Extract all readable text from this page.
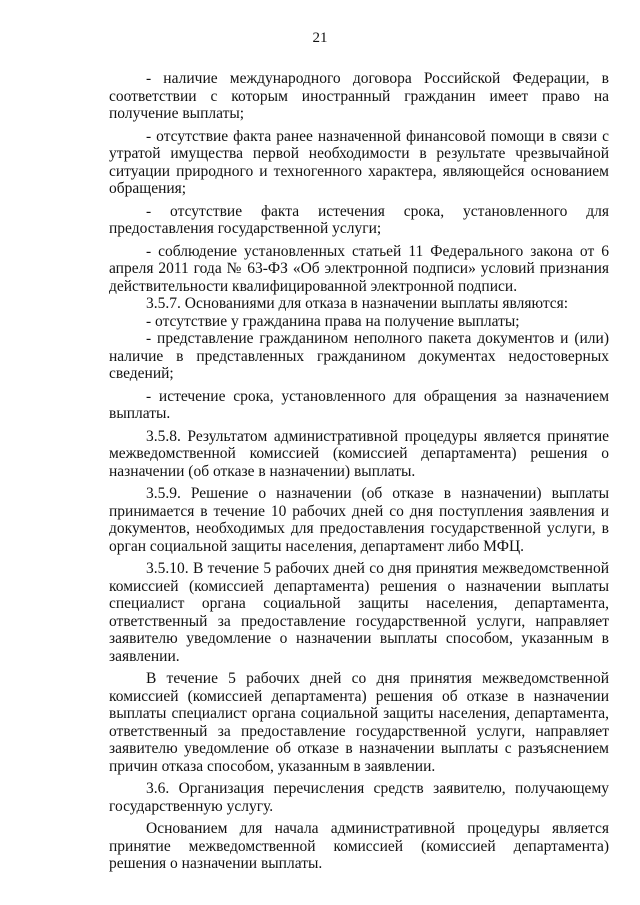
21

- наличие международного договора Российской Федерации, в соответствии с которым иностранный гражданин имеет право на получение выплаты;

- отсутствие факта ранее назначенной финансовой помощи в связи с утратой имущества первой необходимости в результате чрезвычайной ситуации природного и техногенного характера, являющейся основанием обращения;

- отсутствие факта истечения срока, установленного для предоставления государственной услуги;

- соблюдение установленных статьей 11 Федерального закона от 6 апреля 2011 года № 63-ФЗ «Об электронной подписи» условий признания действительности квалифицированной электронной подписи.

3.5.7. Основаниями для отказа в назначении выплаты являются:

- отсутствие у гражданина права на получение выплаты;

- представление гражданином неполного пакета документов и (или) наличие в представленных гражданином документах недостоверных сведений;

- истечение срока, установленного для обращения за назначением выплаты.

3.5.8. Результатом административной процедуры является принятие межведомственной комиссией (комиссией департамента) решения о назначении (об отказе в назначении) выплаты.

3.5.9. Решение о назначении (об отказе в назначении) выплаты принимается в течение 10 рабочих дней со дня поступления заявления и документов, необходимых для предоставления государственной услуги, в орган социальной защиты населения, департамент либо МФЦ.

3.5.10. В течение 5 рабочих дней со дня принятия межведомственной комиссией (комиссией департамента) решения о назначении выплаты специалист органа социальной защиты населения, департамента, ответственный за предоставление государственной услуги, направляет заявителю уведомление о назначении выплаты способом, указанным в заявлении.

В течение 5 рабочих дней со дня принятия межведомственной комиссией (комиссией департамента) решения об отказе в назначении выплаты специалист органа социальной защиты населения, департамента, ответственный за предоставление государственной услуги, направляет заявителю уведомление об отказе в назначении выплаты с разъяснением причин отказа способом, указанным в заявлении.

3.6. Организация перечисления средств заявителю, получающему государственную услугу.

Основанием для начала административной процедуры является принятие межведомственной комиссией (комиссией департамента) решения о назначении выплаты.
